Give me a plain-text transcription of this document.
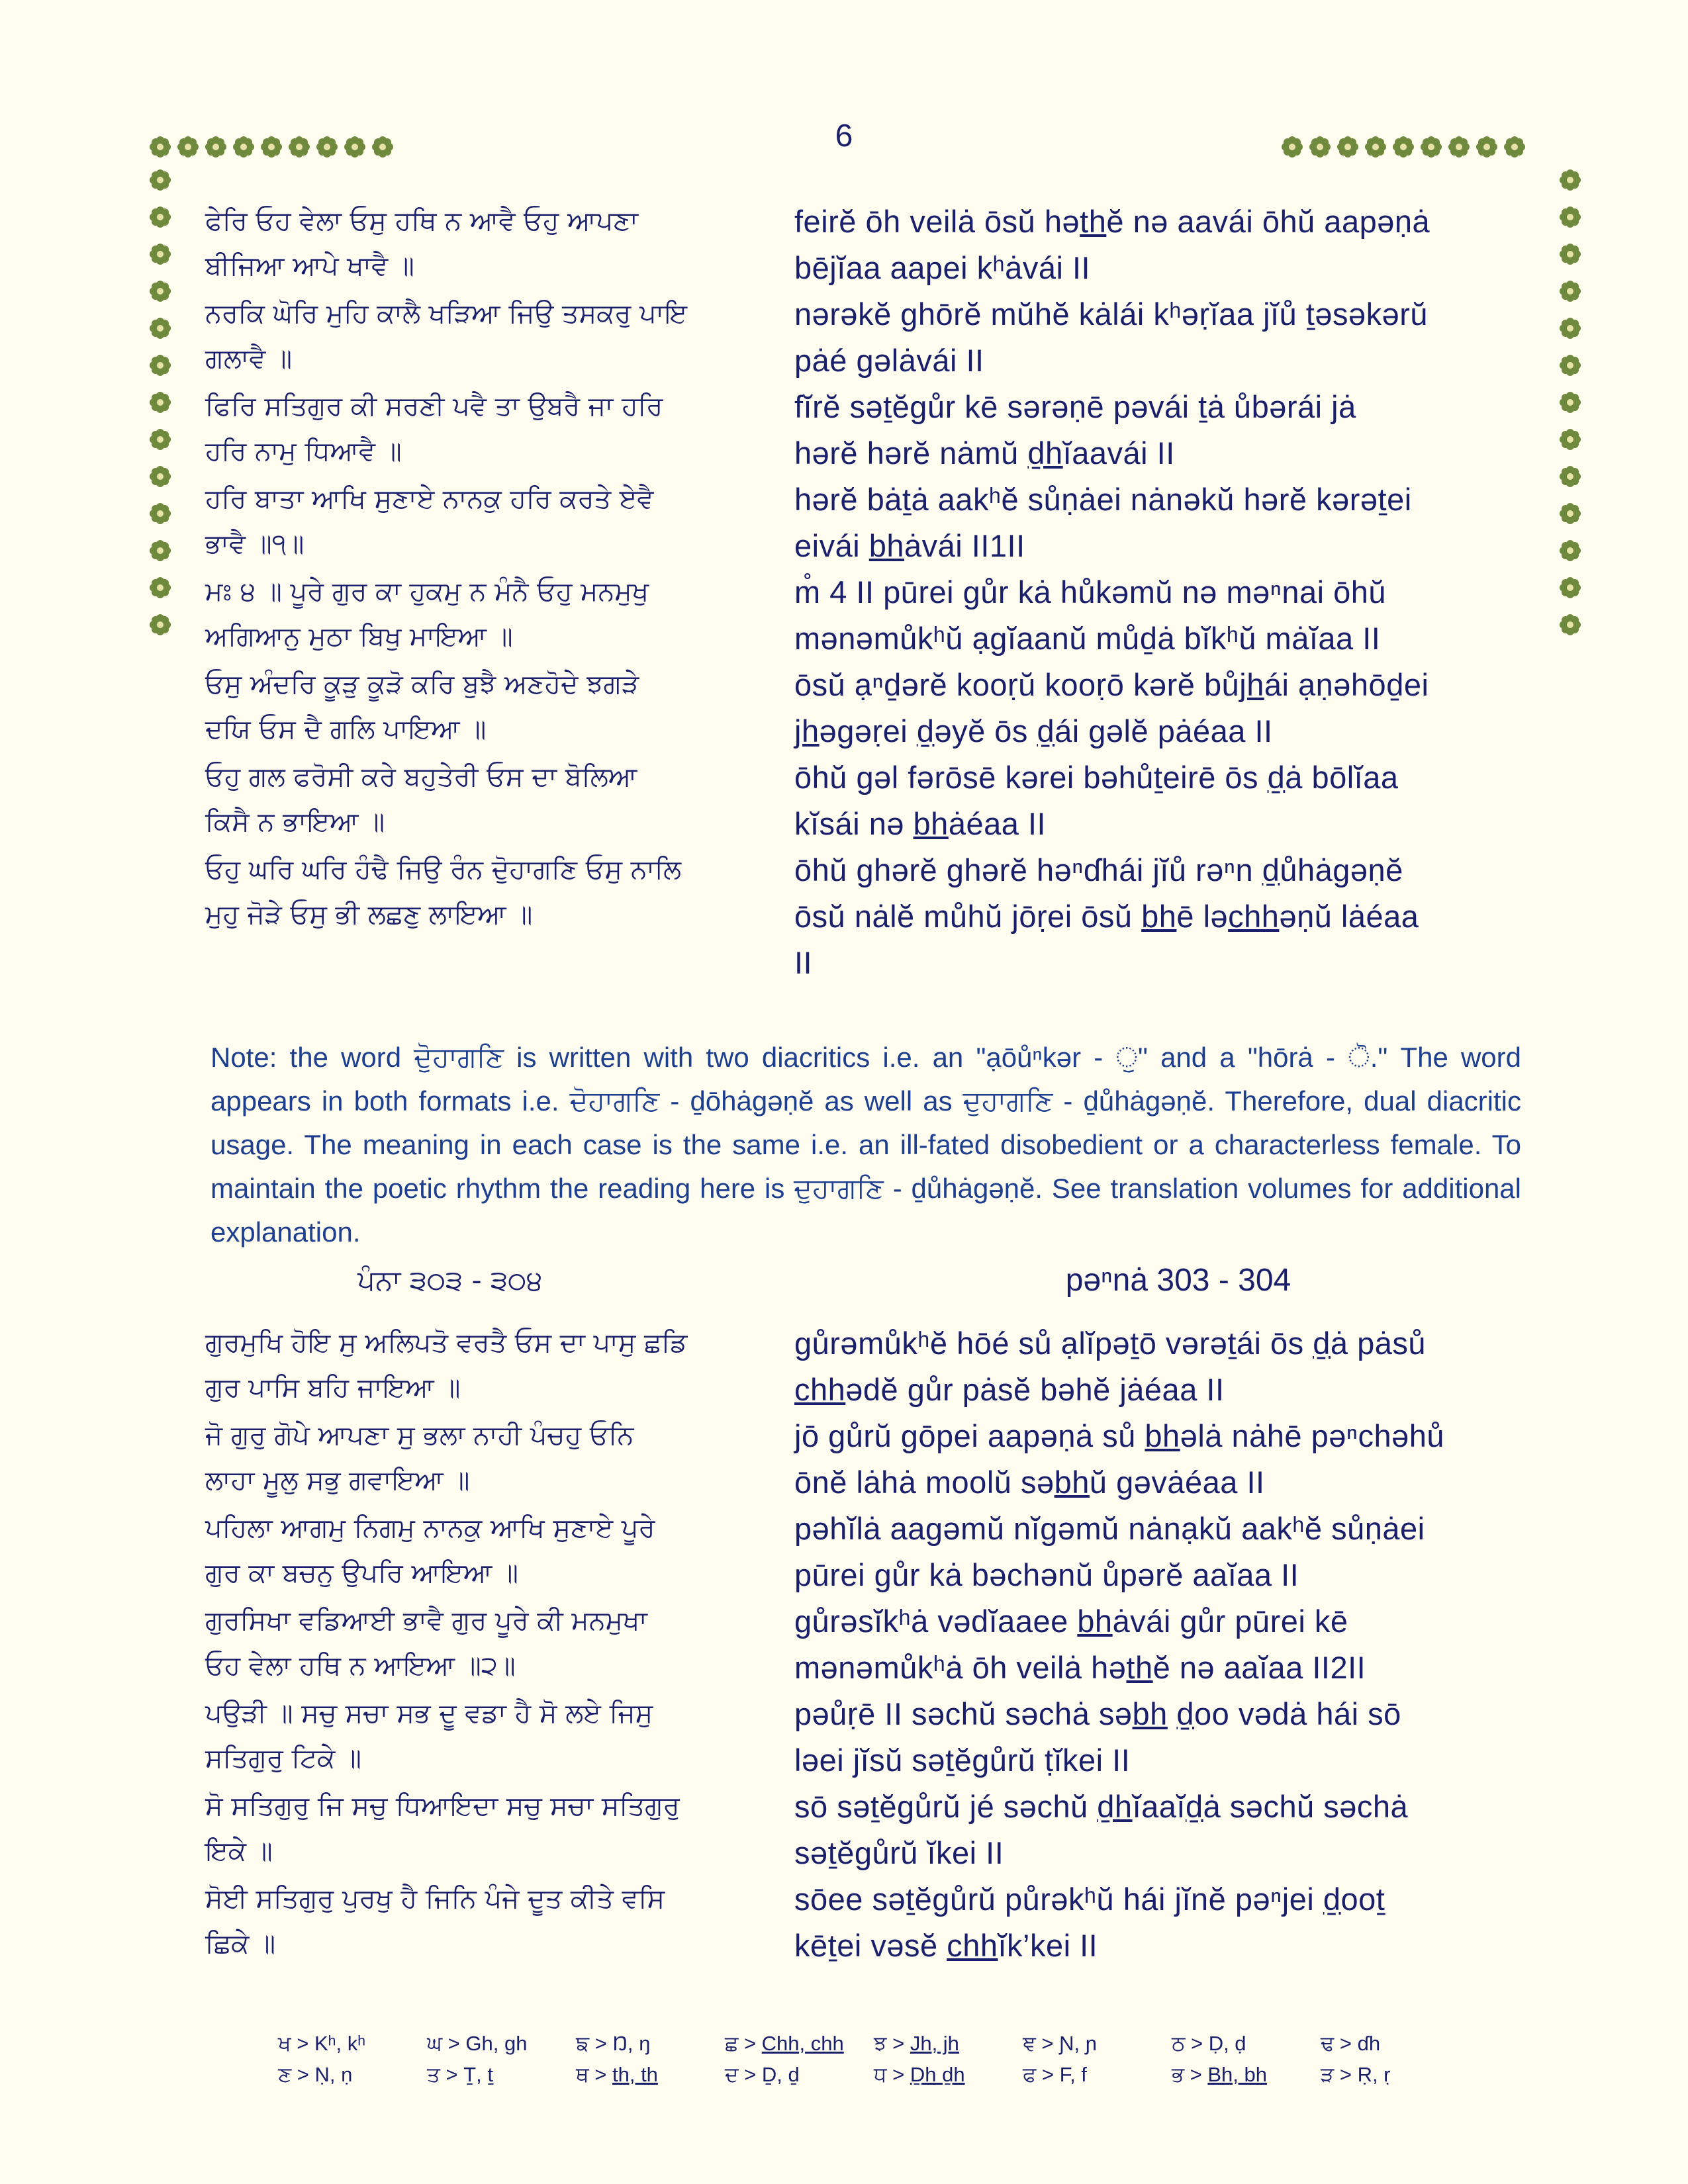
6
ਫੇਰਿ ਓਹ ਵੇਲਾ ਓਸੁ ਹਥਿ ਨ ਆਵੈ ਓਹੁ ਆਪਣਾ
ਬੀਜਿਆ ਆਪੇ ਖਾਵੈ ॥
feirĕ ōh veilȧ ōsŭ həthĕ nə aavái ōhŭ aapəṇȧ
bējĭaa aapei kʰȧvái II
ਨਰਕਿ ਘੋਰਿ ਮੁਹਿ ਕਾਲੈ ਖੜਿਆ ਜਿਉ ਤਸਕਰੁ ਪਾਇ
ਗਲਾਵੈ ॥
nərəkĕ ghōrĕ mŭhĕ kȧlái kʰəṛĭaa jĭů ṯəsəkərŭ
pȧé gəlȧvái II
ਫਿਰਿ ਸਤਿਗੁਰ ਕੀ ਸਰਣੀ ਪਵੈ ਤਾ ਉਬਰੈ ਜਾ ਹਰਿ
ਹਰਿ ਨਾਮੁ ਧਿਆਵੈ ॥
fĭrĕ səṯĕgůr kē sərəṇē pəvái ṯȧ ůbərái jȧ
hərĕ hərĕ nȧmŭ ḏhĭaavái II
ਹਰਿ ਬਾਤਾ ਆਖਿ ਸੁਣਾਏ ਨਾਨਕੁ ਹਰਿ ਕਰਤੇ ਏਵੈ
ਭਾਵੈ ॥੧॥
hərĕ bȧṯȧ aakʰĕ sůṇȧei nȧnəkŭ hərĕ kərəṯei
eivái bhȧvái II1II
ਮਃ ੪ ॥ ਪੂਰੇ ਗੁਰ ਕਾ ਹੁਕਮੁ ਨ ਮੰਨੈ ਓਹੁ ਮਨਮੁਖੁ
ਅਗਿਆਨੁ ਮੁਠਾ ਬਿਖੁ ਮਾਇਆ ॥
m̊ 4 II pūrei gůr kȧ hůkəmŭ nə məⁿnai ōhŭ
mənəmůkʰŭ ạgĭaanŭ můḏȧ bĭkʰŭ mȧĭaa II
ਓਸੁ ਅੰਦਰਿ ਕੂੜੁ ਕੂੜੋ ਕਰਿ ਬੁਝੈ ਅਣਹੋਦੇ ਝਗੜੇ
ਦਯਿ ਓਸ ਦੈ ਗਲਿ ਪਾਇਆ ॥
ōsŭ ạⁿḏərĕ kooṛŭ kooṛō kərĕ bůjhái ạṇəhōḏei
jhəgəṛei ḏəyĕ ōs ḏái gəlĕ pȧéaa II
ਓਹੁ ਗਲ ਫਰੋਸੀ ਕਰੇ ਬਹੁਤੇਰੀ ਓਸ ਦਾ ਬੋਲਿਆ
ਕਿਸੈ ਨ ਭਾਇਆ ॥
ōhŭ gəl fərōsē kərei bəhůṯeirē ōs ḏȧ bōlĭaa
kĭsái nə bhȧéaa II
ਓਹੁ ਘਰਿ ਘਰਿ ਹੰਢੈ ਜਿਉ ਰੰਨ ਦੋੁਹਾਗਣਿ ਓਸੁ ਨਾਲਿ
ਮੁਹੁ ਜੋੜੇ ਓਸੁ ਭੀ ਲਛਣੁ ਲਾਇਆ ॥
ōhŭ ghərĕ ghərĕ həⁿɗhái jĭů rəⁿn ḏůhȧgəṇĕ
ōsŭ nȧlĕ můhŭ jōṛei ōsŭ bhē ləchhəṇŭ lȧéaa
II
Note: the word ਦੋੁਹਾਗਣਿ is written with two diacritics i.e. an "ạōůⁿkər - ੁ" and a "hōrȧ - ੋ." The word appears in both formats i.e. ਦੋਹਾਗਣਿ - ḏōhȧgəṇĕ as well as ਦੁਹਾਗਣਿ - ḏůhȧgəṇĕ. Therefore, dual diacritic usage. The meaning in each case is the same i.e. an ill-fated disobedient or a characterless female. To maintain the poetic rhythm the reading here is ਦੁਹਾਗਣਿ - ḏůhȧgəṇĕ. See translation volumes for additional explanation.
ਪੰਨਾ ੩੦੩ - ੩੦੪	pəⁿnȧ 303 - 304
ਗੁਰਮੁਖਿ ਹੋਇ ਸੁ ਅਲਿਪਤੋ ਵਰਤੈ ਓਸ ਦਾ ਪਾਸੁ ਛਡਿ
ਗੁਰ ਪਾਸਿ ਬਹਿ ਜਾਇਆ ॥
gůrəmůkʰĕ hōé sů ạlĭpəṯō vərəṯái ōs ḏȧ pȧsů
chhədĕ gůr pȧsĕ bəhĕ jȧéaa II
ਜੋ ਗੁਰੁ ਗੋਪੇ ਆਪਣਾ ਸੁ ਭਲਾ ਨਾਹੀ ਪੰਚਹੁ ਓਨਿ
ਲਾਹਾ ਮੂਲੁ ਸਭੁ ਗਵਾਇਆ ॥
jō gůrŭ gōpei aapəṇȧ sů bhəlȧ nȧhē pəⁿchəhů
ōnĕ lȧhȧ moolŭ səbhŭ gəvȧéaa II
ਪਹਿਲਾ ਆਗਮੁ ਨਿਗਮੁ ਨਾਨਕੁ ਆਖਿ ਸੁਣਾਏ ਪੂਰੇ
ਗੁਰ ਕਾ ਬਚਨੁ ਉਪਰਿ ਆਇਆ ॥
pəhĭlȧ aagəmŭ nĭgəmŭ nȧnạkŭ aakʰĕ sůṇȧei
pūrei gůr kȧ bəchənŭ ůpərĕ aaĭaa II
ਗੁਰਸਿਖਾ ਵਡਿਆਈ ਭਾਵੈ ਗੁਰ ਪੂਰੇ ਕੀ ਮਨਮੁਖਾ
ਓਹ ਵੇਲਾ ਹਥਿ ਨ ਆਇਆ ॥੨॥
gůrəsĭkʰȧ vədĭaaee bhȧvái gůr pūrei kē
mənəmůkʰȧ ōh veilȧ həthĕ nə aaĭaa II2II
ਪਉੜੀ ॥ ਸਚੁ ਸਚਾ ਸਭ ਦੂ ਵਡਾ ਹੈ ਸੋ ਲਏ ਜਿਸੁ
ਸਤਿਗੁਰੁ ਟਿਕੇ ॥
pəůṛē II səchŭ səchȧ səbh ḏoo vədȧ hái sō
ləei jĭsŭ səṯĕgůrŭ ṭĭkei II
ਸੋ ਸਤਿਗੁਰੁ ਜਿ ਸਚੁ ਧਿਆਇਦਾ ਸਚੁ ਸਚਾ ਸਤਿਗੁਰੁ
ਇਕੇ ॥
sō səṯĕgůrŭ jé səchŭ ḏhĭaaĭḏȧ səchŭ səchȧ
səṯĕgůrŭ ĭkei II
ਸੋਈ ਸਤਿਗੁਰੁ ਪੁਰਖੁ ਹੈ ਜਿਨਿ ਪੰਜੇ ਦੂਤ ਕੀਤੇ ਵਸਿ
ਛਿਕੇ ॥
sōee səṯĕgůrŭ půrəkʰŭ hái jĭnĕ pəⁿjei ḏooṯ
kēṯei vəsĕ chhĭk’kei II
ਖ > Kʰ, kʰ	ਘ > Gh, gh	ਙ > Ŋ, ŋ	ਛ > Chh, chh	ਝ > Jh, jh	ਞ > Ɲ, ɲ	ਠ > Ḍ, ḍ	ਢ > ɗh
ਣ > Ṇ, ṇ	ਤ > Ṯ, ṯ	ਥ > th, th	ਦ > Ḏ, ḏ	ਧ > Ḏh ḏh	ਫ > F, f	ਭ > Bh, bh	ੜ > Ṛ, ṛ
